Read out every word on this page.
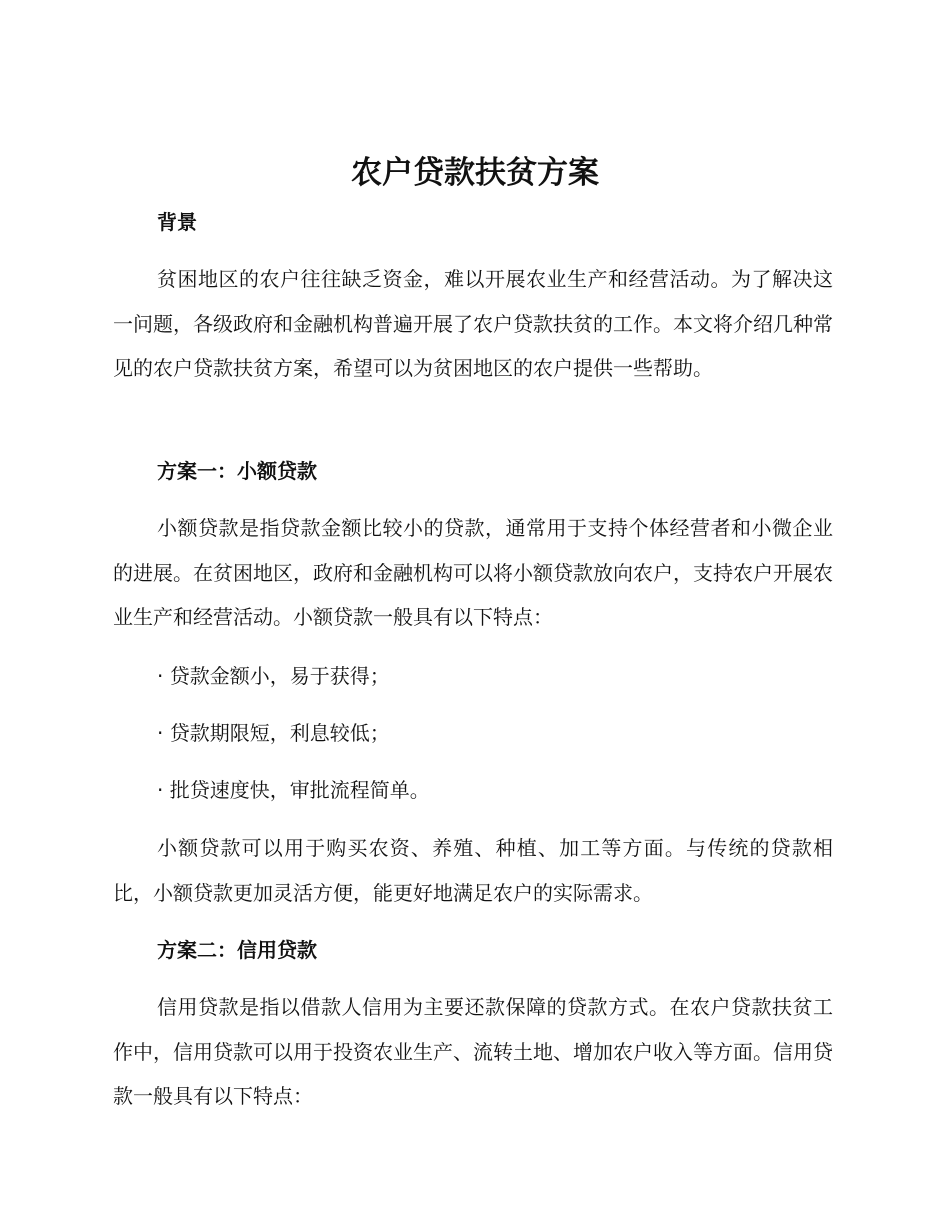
农户贷款扶贫方案
背景

贫困地区的农户往往缺乏资金，难以开展农业生产和经营活动。为了解决这一问题，各级政府和金融机构普遍开展了农户贷款扶贫的工作。本文将介绍几种常见的农户贷款扶贫方案，希望可以为贫困地区的农户提供一些帮助。

方案一：小额贷款

小额贷款是指贷款金额比较小的贷款，通常用于支持个体经营者和小微企业的进展。在贫困地区，政府和金融机构可以将小额贷款放向农户，支持农户开展农业生产和经营活动。小额贷款一般具有以下特点：

· 贷款金额小，易于获得；

· 贷款期限短，利息较低；

· 批贷速度快，审批流程简单。

小额贷款可以用于购买农资、养殖、种植、加工等方面。与传统的贷款相比，小额贷款更加灵活方便，能更好地满足农户的实际需求。

方案二：信用贷款

信用贷款是指以借款人信用为主要还款保障的贷款方式。在农户贷款扶贫工作中，信用贷款可以用于投资农业生产、流转土地、增加农户收入等方面。信用贷款一般具有以下特点：
